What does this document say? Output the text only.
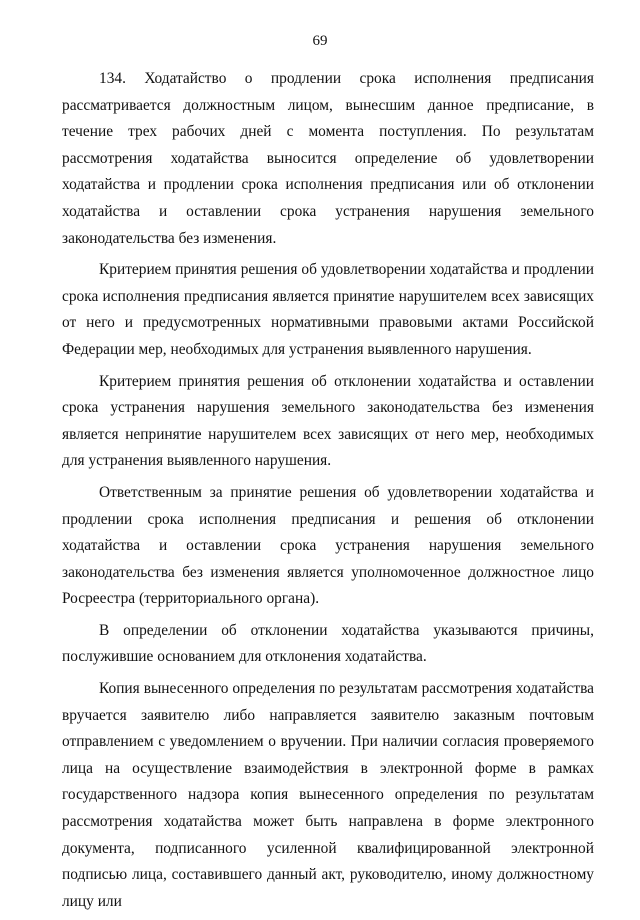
69

134. Ходатайство о продлении срока исполнения предписания рассматривается должностным лицом, вынесшим данное предписание, в течение трех рабочих дней с момента поступления. По результатам рассмотрения ходатайства выносится определение об удовлетворении ходатайства и продлении срока исполнения предписания или об отклонении ходатайства и оставлении срока устранения нарушения земельного законодательства без изменения.

Критерием принятия решения об удовлетворении ходатайства и продлении срока исполнения предписания является принятие нарушителем всех зависящих от него и предусмотренных нормативными правовыми актами Российской Федерации мер, необходимых для устранения выявленного нарушения.

Критерием принятия решения об отклонении ходатайства и оставлении срока устранения нарушения земельного законодательства без изменения является непринятие нарушителем всех зависящих от него мер, необходимых для устранения выявленного нарушения.

Ответственным за принятие решения об удовлетворении ходатайства и продлении срока исполнения предписания и решения об отклонении ходатайства и оставлении срока устранения нарушения земельного законодательства без изменения является уполномоченное должностное лицо Росреестра (территориального органа).

В определении об отклонении ходатайства указываются причины, послужившие основанием для отклонения ходатайства.

Копия вынесенного определения по результатам рассмотрения ходатайства вручается заявителю либо направляется заявителю заказным почтовым отправлением с уведомлением о вручении. При наличии согласия проверяемого лица на осуществление взаимодействия в электронной форме в рамках государственного надзора копия вынесенного определения по результатам рассмотрения ходатайства может быть направлена в форме электронного документа, подписанного усиленной квалифицированной электронной подписью лица, составившего данный акт, руководителю, иному должностному лицу или
